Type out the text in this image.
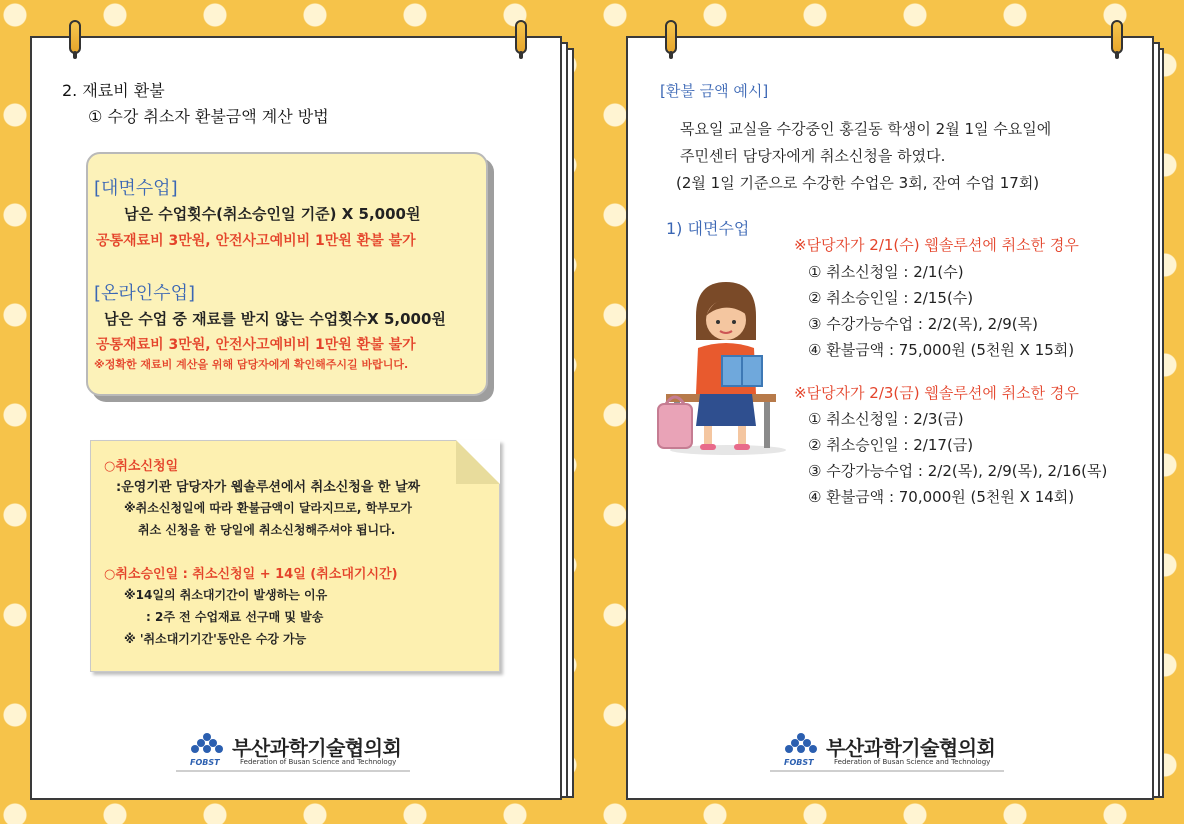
2. 재료비 환불
① 수강 취소자 환불금액 계산 방법
[대면수업]
남은 수업횟수(취소승인일 기준) X 5,000원
공통재료비 3만원, 안전사고예비비 1만원 환불 불가
[온라인수업]
남은 수업 중 재료를 받지 않는 수업횟수X 5,000원
공통재료비 3만원, 안전사고예비비 1만원 환불 불가
※정확한 재료비 계산을 위해 담당자에게 확인해주시길 바랍니다.
○취소신청일
:운영기관 담당자가 웹솔루션에서 취소신청을 한 날짜
※취소신청일에 따라 환불금액이 달라지므로, 학부모가
취소 신청을 한 당일에 취소신청해주셔야 됩니다.
○취소승인일 : 취소신청일 + 14일 (취소대기시간)
※14일의 취소대기간이 발생하는 이유
: 2주 전 수업재료 선구매 및 발송
※ '취소대기기간'동안은 수강 가능
FOBST
부산과학기술협의회
Federation of Busan Science and Technology
[환불 금액 예시]
목요일 교실을 수강중인 홍길동 학생이 2월 1일 수요일에
주민센터 담당자에게 취소신청을 하였다.
(2월 1일 기준으로 수강한 수업은 3회, 잔여 수업 17회)
1) 대면수업
※담당자가 2/1(수) 웹솔루션에 취소한 경우
① 취소신청일 : 2/1(수)
② 취소승인일 : 2/15(수)
③ 수강가능수업 : 2/2(목), 2/9(목)
④ 환불금액 : 75,000원 (5천원 X 15회)
※담당자가 2/3(금) 웹솔루션에 취소한 경우
① 취소신청일 : 2/3(금)
② 취소승인일 : 2/17(금)
③ 수강가능수업 : 2/2(목), 2/9(목), 2/16(목)
④ 환불금액 : 70,000원 (5천원 X 14회)
FOBST
부산과학기술협의회
Federation of Busan Science and Technology
